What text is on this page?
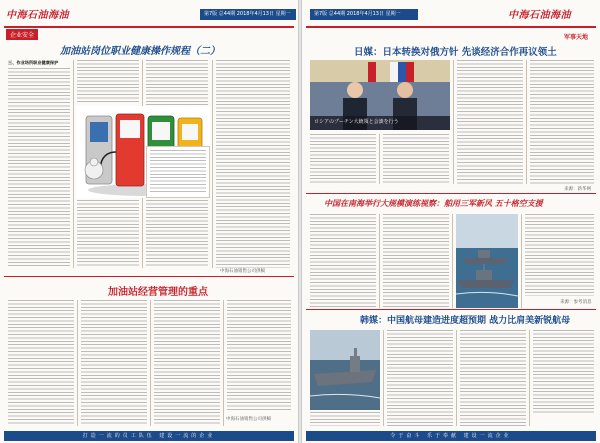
中海石油海油	第7版 总44期 2018年4月13日 星期一
企业安全
加油站岗位职业健康操作规程（二）
三、作业场所职业健康保护
中海石油销售公司供稿
加油站经营管理的重点
中海石油销售公司供稿
打造一流的员工队伍 建设一流的企业
第7版 总44期 2018年4月13日 星期一	中海石油海油
军事天地
日媒：日本转换对俄方针 先谈经济合作再议领土
ロシアのプーチン大統領と会談を行う
来源：新华网
中国在南海举行大规模演练视察：舶用三军新风 五十格空支援
来源：参考消息
韩媒：中国航母建造进度超预期 战力比肩美新锐航母
令于奋斗 乐于奉献 建设一流企业
